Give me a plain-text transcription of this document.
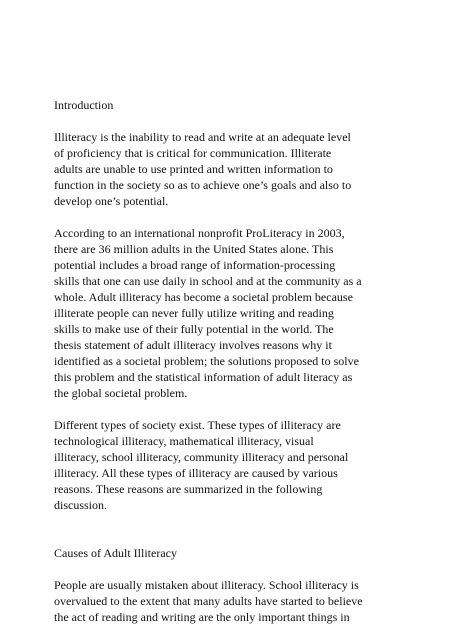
Introduction
Illiteracy is the inability to read and write at an adequate level
of proficiency that is critical for communication. Illiterate
adults are unable to use printed and written information to
function in the society so as to achieve one’s goals and also to
develop one’s potential.
According to an international nonprofit ProLiteracy in 2003,
there are 36 million adults in the United States alone. This
potential includes a broad range of information-processing
skills that one can use daily in school and at the community as a
whole. Adult illiteracy has become a societal problem because
illiterate people can never fully utilize writing and reading
skills to make use of their fully potential in the world. The
thesis statement of adult illiteracy involves reasons why it
identified as a societal problem; the solutions proposed to solve
this problem and the statistical information of adult literacy as
the global societal problem.
Different types of society exist. These types of illiteracy are
technological illiteracy, mathematical illiteracy, visual
illiteracy, school illiteracy, community illiteracy and personal
illiteracy. All these types of illiteracy are caused by various
reasons. These reasons are summarized in the following
discussion.
Causes of Adult Illiteracy
People are usually mistaken about illiteracy. School illiteracy is
overvalued to the extent that many adults have started to believe
the act of reading and writing are the only important things in
